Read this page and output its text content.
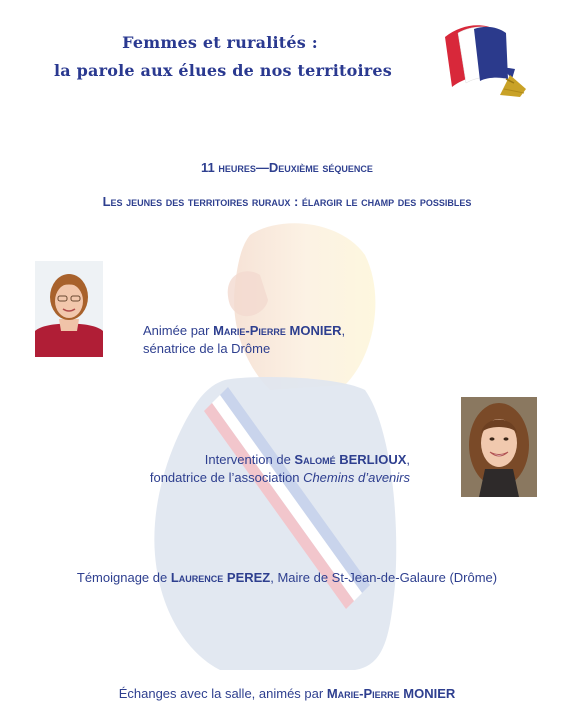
Femmes et ruralités :
la parole aux élues de nos territoires
11 heures—Deuxième séquence
Les jeunes des territoires ruraux : élargir le champ des possibles
Animée par Marie-Pierre MONIER,
sénatrice de la Drôme
Intervention de Salomé BERLIOUX,
fondatrice de l’association Chemins d’avenirs
Témoignage de Laurence PEREZ, Maire de St-Jean-de-Galaure (Drôme)
Échanges avec la salle, animés par Marie-Pierre MONIER
